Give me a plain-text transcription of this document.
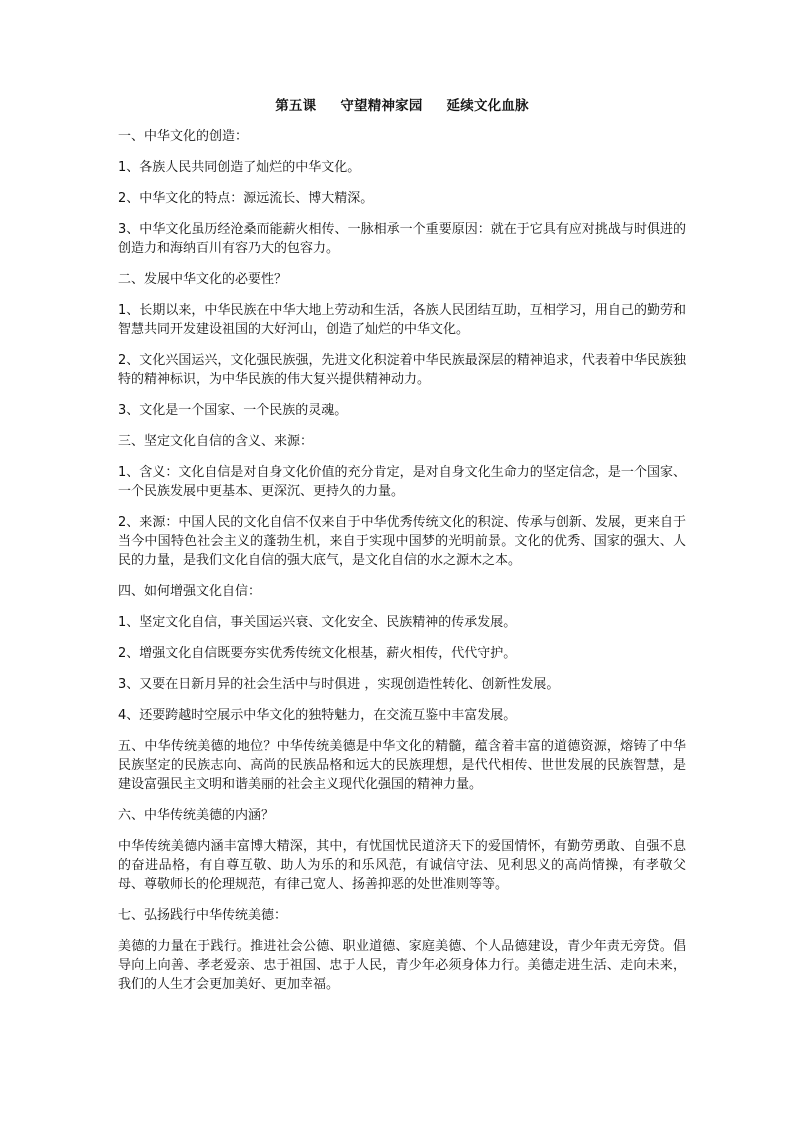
第五课 守望精神家园 延续文化血脉
一、中华文化的创造：
1、各族人民共同创造了灿烂的中华文化。
2、中华文化的特点：源远流长、博大精深。
3、中华文化虽历经沧桑而能薪火相传、一脉相承一个重要原因：就在于它具有应对挑战与时俱进的创造力和海纳百川有容乃大的包容力。
二、发展中华文化的必要性？
1、长期以来，中华民族在中华大地上劳动和生活，各族人民团结互助，互相学习，用自己的勤劳和智慧共同开发建设祖国的大好河山，创造了灿烂的中华文化。
2、文化兴国运兴，文化强民族强，先进文化积淀着中华民族最深层的精神追求，代表着中华民族独特的精神标识，为中华民族的伟大复兴提供精神动力。
3、文化是一个国家、一个民族的灵魂。
三、坚定文化自信的含义、来源：
1、含义：文化自信是对自身文化价值的充分肯定，是对自身文化生命力的坚定信念，是一个国家、一个民族发展中更基本、更深沉、更持久的力量。
2、来源：中国人民的文化自信不仅来自于中华优秀传统文化的积淀、传承与创新、发展，更来自于当今中国特色社会主义的蓬勃生机，来自于实现中国梦的光明前景。文化的优秀、国家的强大、人民的力量，是我们文化自信的强大底气，是文化自信的水之源木之本。
四、如何增强文化自信：
1、坚定文化自信，事关国运兴衰、文化安全、民族精神的传承发展。
2、增强文化自信既要夯实优秀传统文化根基，薪火相传，代代守护。
3、又要在日新月异的社会生活中与时俱进 ，实现创造性转化、创新性发展。
4、还要跨越时空展示中华文化的独特魅力，在交流互鉴中丰富发展。
五、中华传统美德的地位？中华传统美德是中华文化的精髓，蕴含着丰富的道德资源，熔铸了中华民族坚定的民族志向、高尚的民族品格和远大的民族理想，是代代相传、世世发展的民族智慧，是建设富强民主文明和谐美丽的社会主义现代化强国的精神力量。
六、中华传统美德的内涵？
中华传统美德内涵丰富博大精深，其中，有忧国忧民道济天下的爱国情怀，有勤劳勇敢、自强不息的奋进品格，有自尊互敬、助人为乐的和乐风范，有诚信守法、见利思义的高尚情操，有孝敬父母、尊敬师长的伦理规范，有律己宽人、扬善抑恶的处世准则等等。
七、弘扬践行中华传统美德：
美德的力量在于践行。推进社会公德、职业道德、家庭美德、个人品德建设，青少年责无旁贷。倡导向上向善、孝老爱亲、忠于祖国、忠于人民，青少年必须身体力行。美德走进生活、走向未来，我们的人生才会更加美好、更加幸福。
